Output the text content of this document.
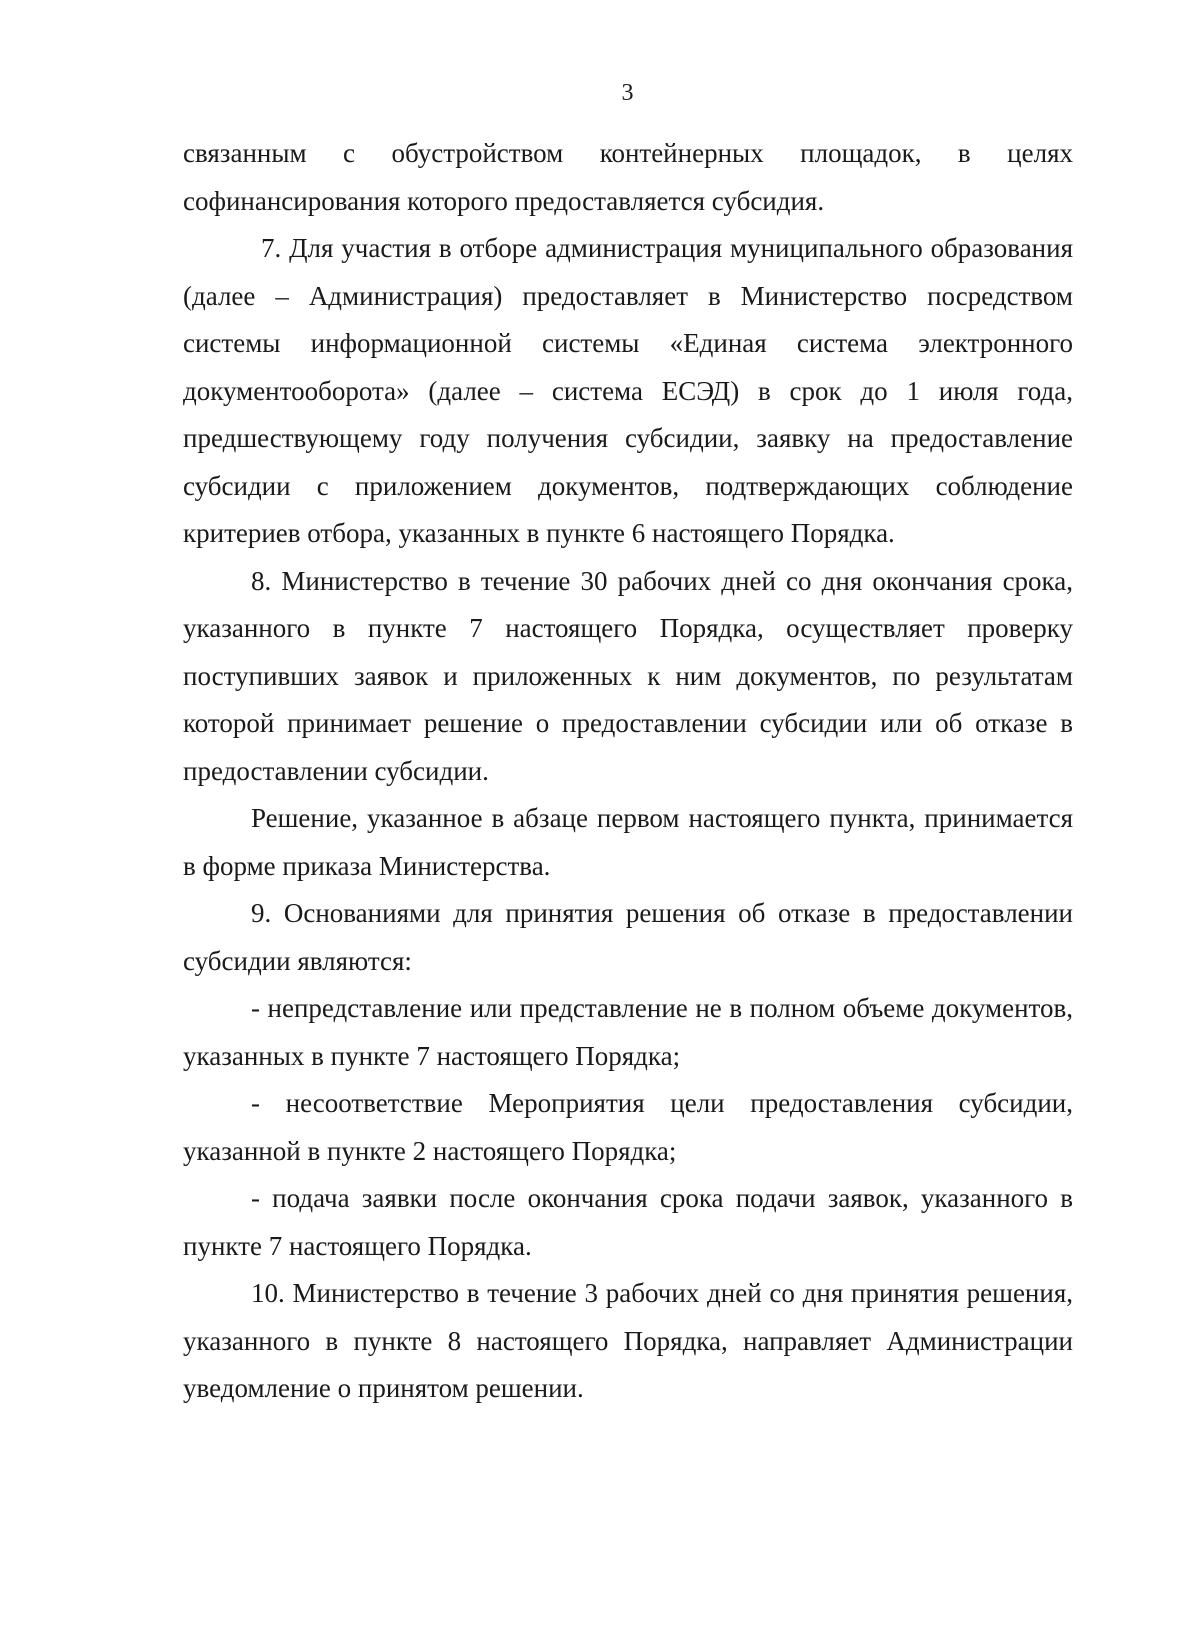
3

связанным с обустройством контейнерных площадок, в целях софинансирования которого предоставляется субсидия.

7. Для участия в отборе администрация муниципального образования (далее – Администрация) предоставляет в Министерство посредством системы информационной системы «Единая система электронного документооборота» (далее – система ЕСЭД) в срок до 1 июля года, предшествующему году получения субсидии, заявку на предоставление субсидии с приложением документов, подтверждающих соблюдение критериев отбора, указанных в пункте 6 настоящего Порядка.

8. Министерство в течение 30 рабочих дней со дня окончания срока, указанного в пункте 7 настоящего Порядка, осуществляет проверку поступивших заявок и приложенных к ним документов, по результатам которой принимает решение о предоставлении субсидии или об отказе в предоставлении субсидии.

Решение, указанное в абзаце первом настоящего пункта, принимается в форме приказа Министерства.

9. Основаниями для принятия решения об отказе в предоставлении субсидии являются:

- непредставление или представление не в полном объеме документов, указанных в пункте 7 настоящего Порядка;

- несоответствие Мероприятия цели предоставления субсидии, указанной в пункте 2 настоящего Порядка;

- подача заявки после окончания срока подачи заявок, указанного в пункте 7 настоящего Порядка.

10. Министерство в течение 3 рабочих дней со дня принятия решения, указанного в пункте 8 настоящего Порядка, направляет Администрации уведомление о принятом решении.
